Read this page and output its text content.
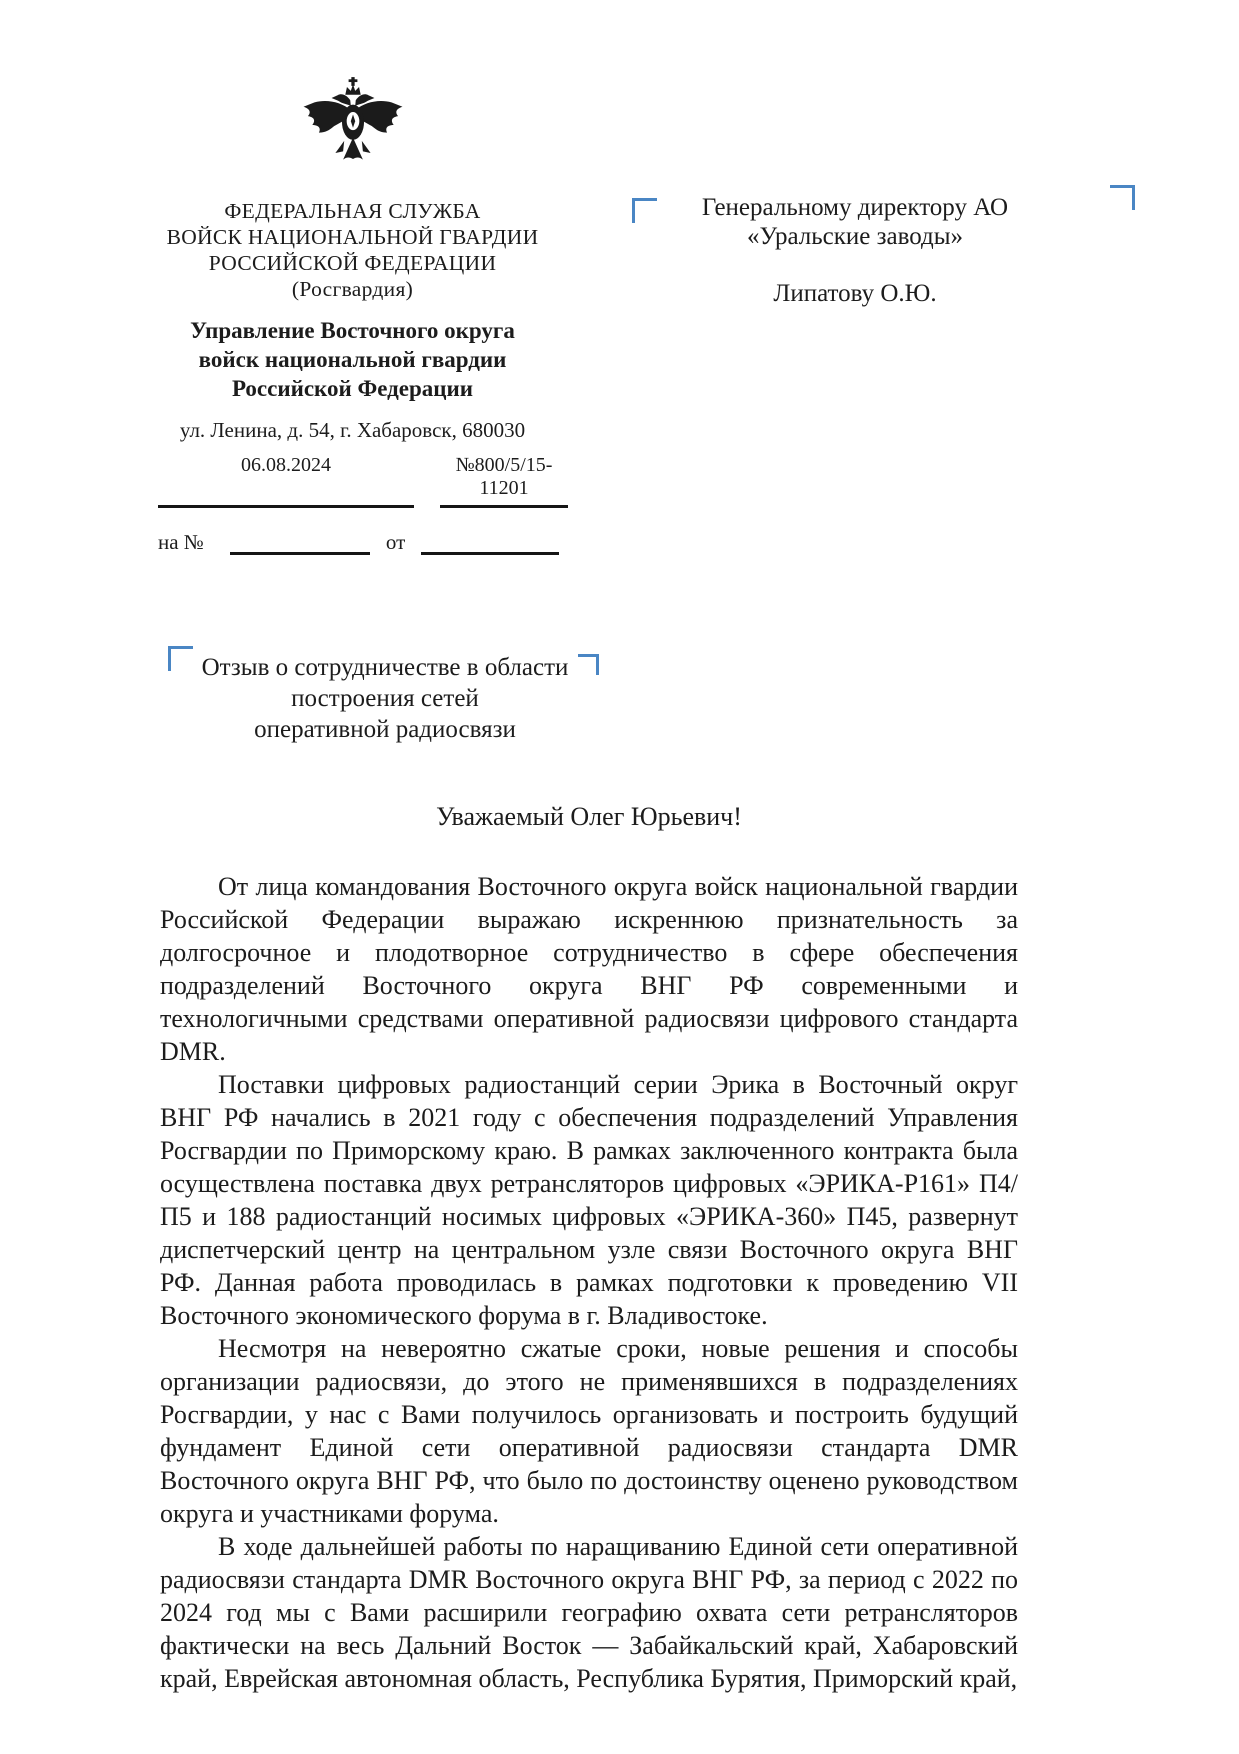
ФЕДЕРАЛЬНАЯ СЛУЖБА
ВОЙСК НАЦИОНАЛЬНОЙ ГВАРДИИ
РОССИЙСКОЙ ФЕДЕРАЦИИ
(Росгвардия)
Управление Восточного округа
войск национальной гвардии
Российской Федерации
ул. Ленина, д. 54, г. Хабаровск, 680030
06.08.2024	№800/5/15-11201
на №	от
Генеральному директору АО
«Уральские заводы»
Липатову О.Ю.
Отзыв о сотрудничестве в области
построения сетей
оперативной радиосвязи
Уважаемый Олег Юрьевич!

От лица командования Восточного округа войск национальной гвардии Российской Федерации выражаю искреннюю признательность за долгосрочное и плодотворное сотрудничество в сфере обеспечения подразделений Восточного округа ВНГ РФ современными и технологичными средствами оперативной радиосвязи цифрового стандарта DMR.

Поставки цифровых радиостанций серии Эрика в Восточный округ ВНГ РФ начались в 2021 году с обеспечения подразделений Управления Росгвардии по Приморскому краю. В рамках заключенного контракта была осуществлена поставка двух ретрансляторов цифровых «ЭРИКА-Р161» П4/П5 и 188 радиостанций носимых цифровых «ЭРИКА-360» П45, развернут диспетчерский центр на центральном узле связи Восточного округа ВНГ РФ. Данная работа проводилась в рамках подготовки к проведению VII Восточного экономического форума в г. Владивостоке.

Несмотря на невероятно сжатые сроки, новые решения и способы организации радиосвязи, до этого не применявшихся в подразделениях Росгвардии, у нас с Вами получилось организовать и построить будущий фундамент Единой сети оперативной радиосвязи стандарта DMR Восточного округа ВНГ РФ, что было по достоинству оценено руководством округа и участниками форума.

В ходе дальнейшей работы по наращиванию Единой сети оперативной радиосвязи стандарта DMR Восточного округа ВНГ РФ, за период с 2022 по 2024 год мы с Вами расширили географию охвата сети ретрансляторов фактически на весь Дальний Восток — Забайкальский край, Хабаровский край, Еврейская автономная область, Республика Бурятия, Приморский край,
